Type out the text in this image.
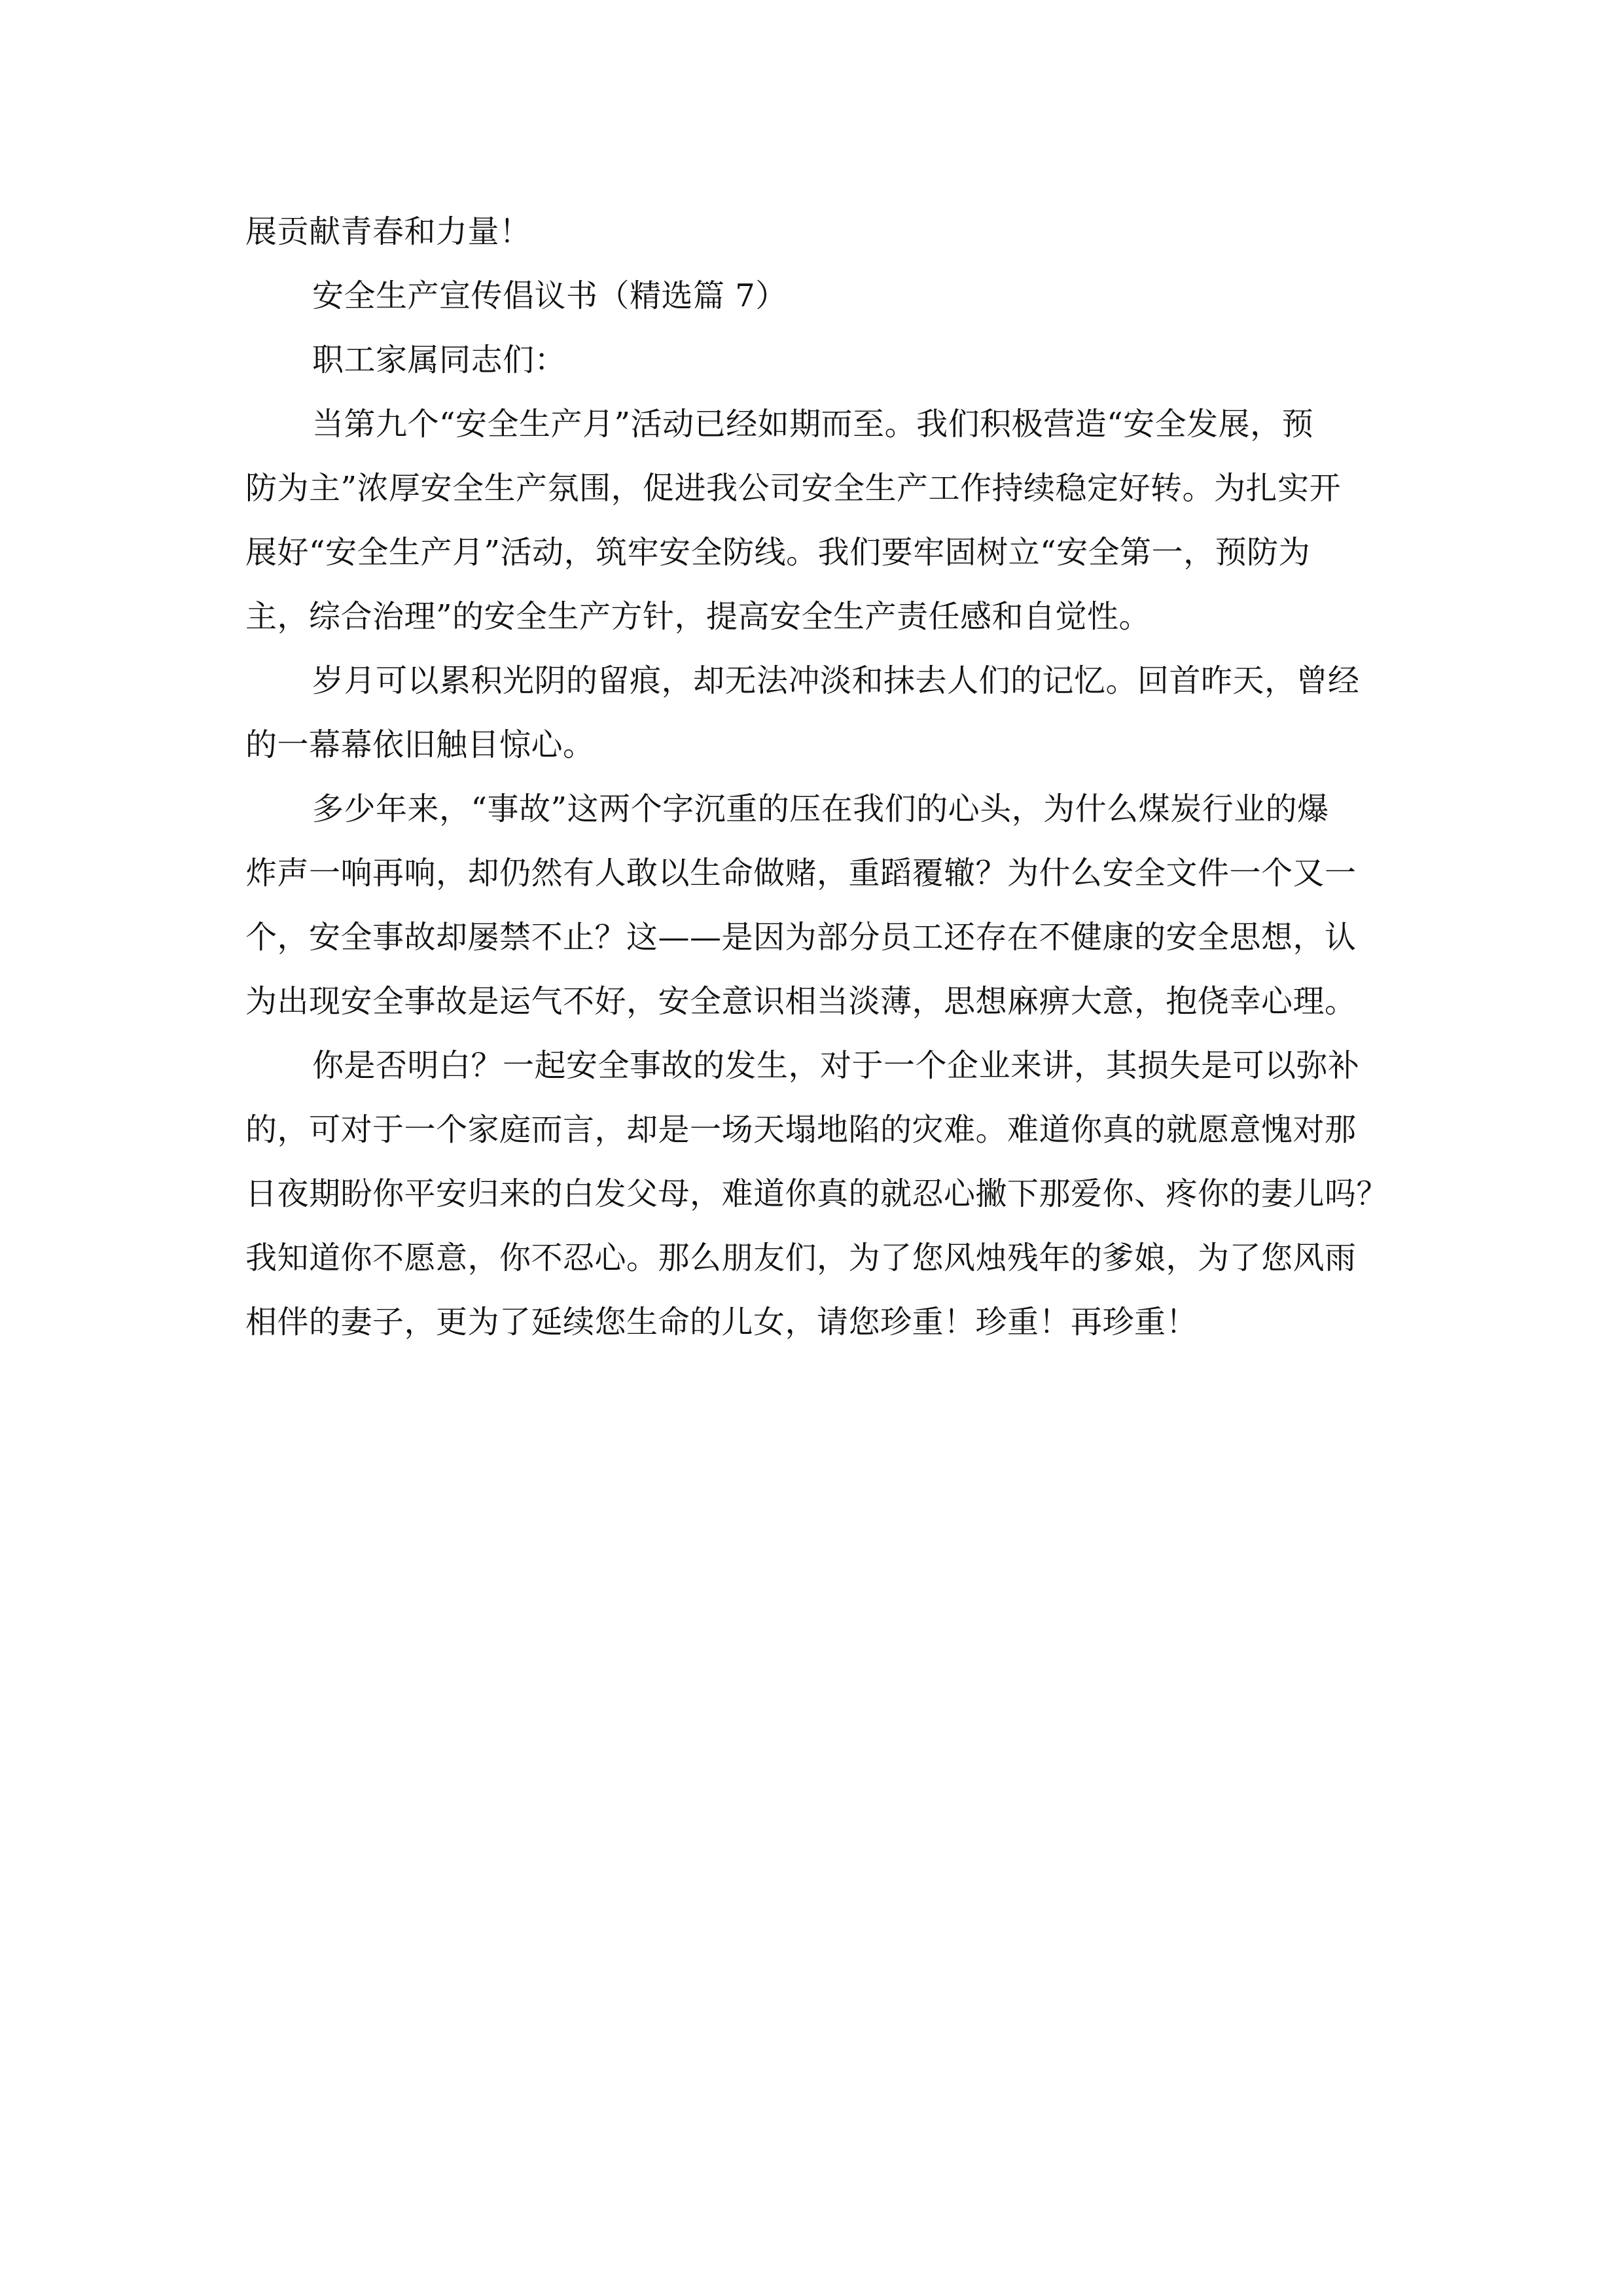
展贡献青春和力量！
安全生产宣传倡议书（精选篇 7）
职工家属同志们：
当第九个“安全生产月”活动已经如期而至。我们积极营造“安全发展，预
防为主”浓厚安全生产氛围，促进我公司安全生产工作持续稳定好转。为扎实开
展好“安全生产月”活动，筑牢安全防线。我们要牢固树立“安全第一，预防为
主，综合治理”的安全生产方针，提高安全生产责任感和自觉性。
岁月可以累积光阴的留痕，却无法冲淡和抹去人们的记忆。回首昨天，曾经
的一幕幕依旧触目惊心。
多少年来，“事故”这两个字沉重的压在我们的心头，为什么煤炭行业的爆
炸声一响再响，却仍然有人敢以生命做赌，重蹈覆辙？为什么安全文件一个又一
个，安全事故却屡禁不止？这——是因为部分员工还存在不健康的安全思想，认
为出现安全事故是运气不好，安全意识相当淡薄，思想麻痹大意，抱侥幸心理。
你是否明白？一起安全事故的发生，对于一个企业来讲，其损失是可以弥补
的，可对于一个家庭而言，却是一场天塌地陷的灾难。难道你真的就愿意愧对那
日夜期盼你平安归来的白发父母，难道你真的就忍心撇下那爱你、疼你的妻儿吗？
我知道你不愿意，你不忍心。那么朋友们，为了您风烛残年的爹娘，为了您风雨
相伴的妻子，更为了延续您生命的儿女，请您珍重！珍重！再珍重！
